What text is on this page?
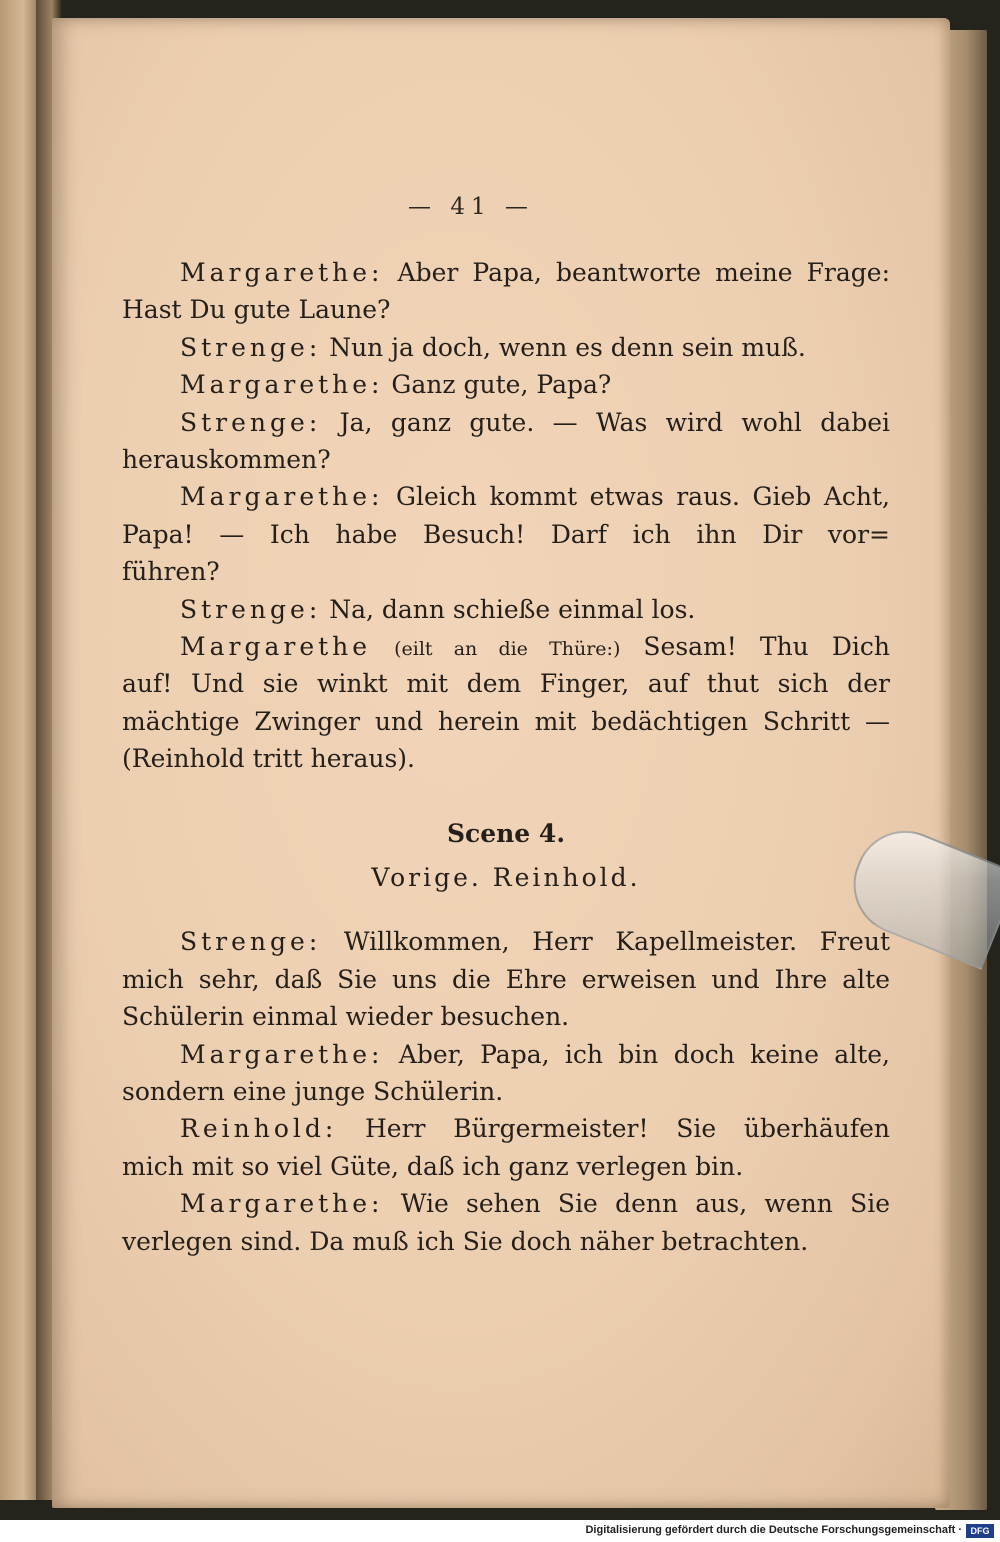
— 41 —
Margarethe: Aber Papa, beantworte meine Frage:
Hast Du gute Laune?
Strenge: Nun ja doch, wenn es denn sein muß.
Margarethe: Ganz gute, Papa?
Strenge: Ja, ganz gute. — Was wird wohl dabei
herauskommen?
Margarethe: Gleich kommt etwas raus. Gieb Acht,
Papa! — Ich habe Besuch! Darf ich ihn Dir vor=
führen?
Strenge: Na, dann schieße einmal los.
Margarethe (eilt an die Thüre:) Sesam! Thu Dich
auf! Und sie winkt mit dem Finger, auf thut sich der
mächtige Zwinger und herein mit bedächtigen Schritt —
(Reinhold tritt heraus).
Scene 4.
Vorige. Reinhold.
Strenge: Willkommen, Herr Kapellmeister. Freut
mich sehr, daß Sie uns die Ehre erweisen und Ihre alte
Schülerin einmal wieder besuchen.
Margarethe: Aber, Papa, ich bin doch keine alte,
sondern eine junge Schülerin.
Reinhold: Herr Bürgermeister! Sie überhäufen
mich mit so viel Güte, daß ich ganz verlegen bin.
Margarethe: Wie sehen Sie denn aus, wenn Sie
verlegen sind. Da muß ich Sie doch näher betrachten.
Digitalisierung gefördert durch die Deutsche Forschungsgemeinschaft · DFG
